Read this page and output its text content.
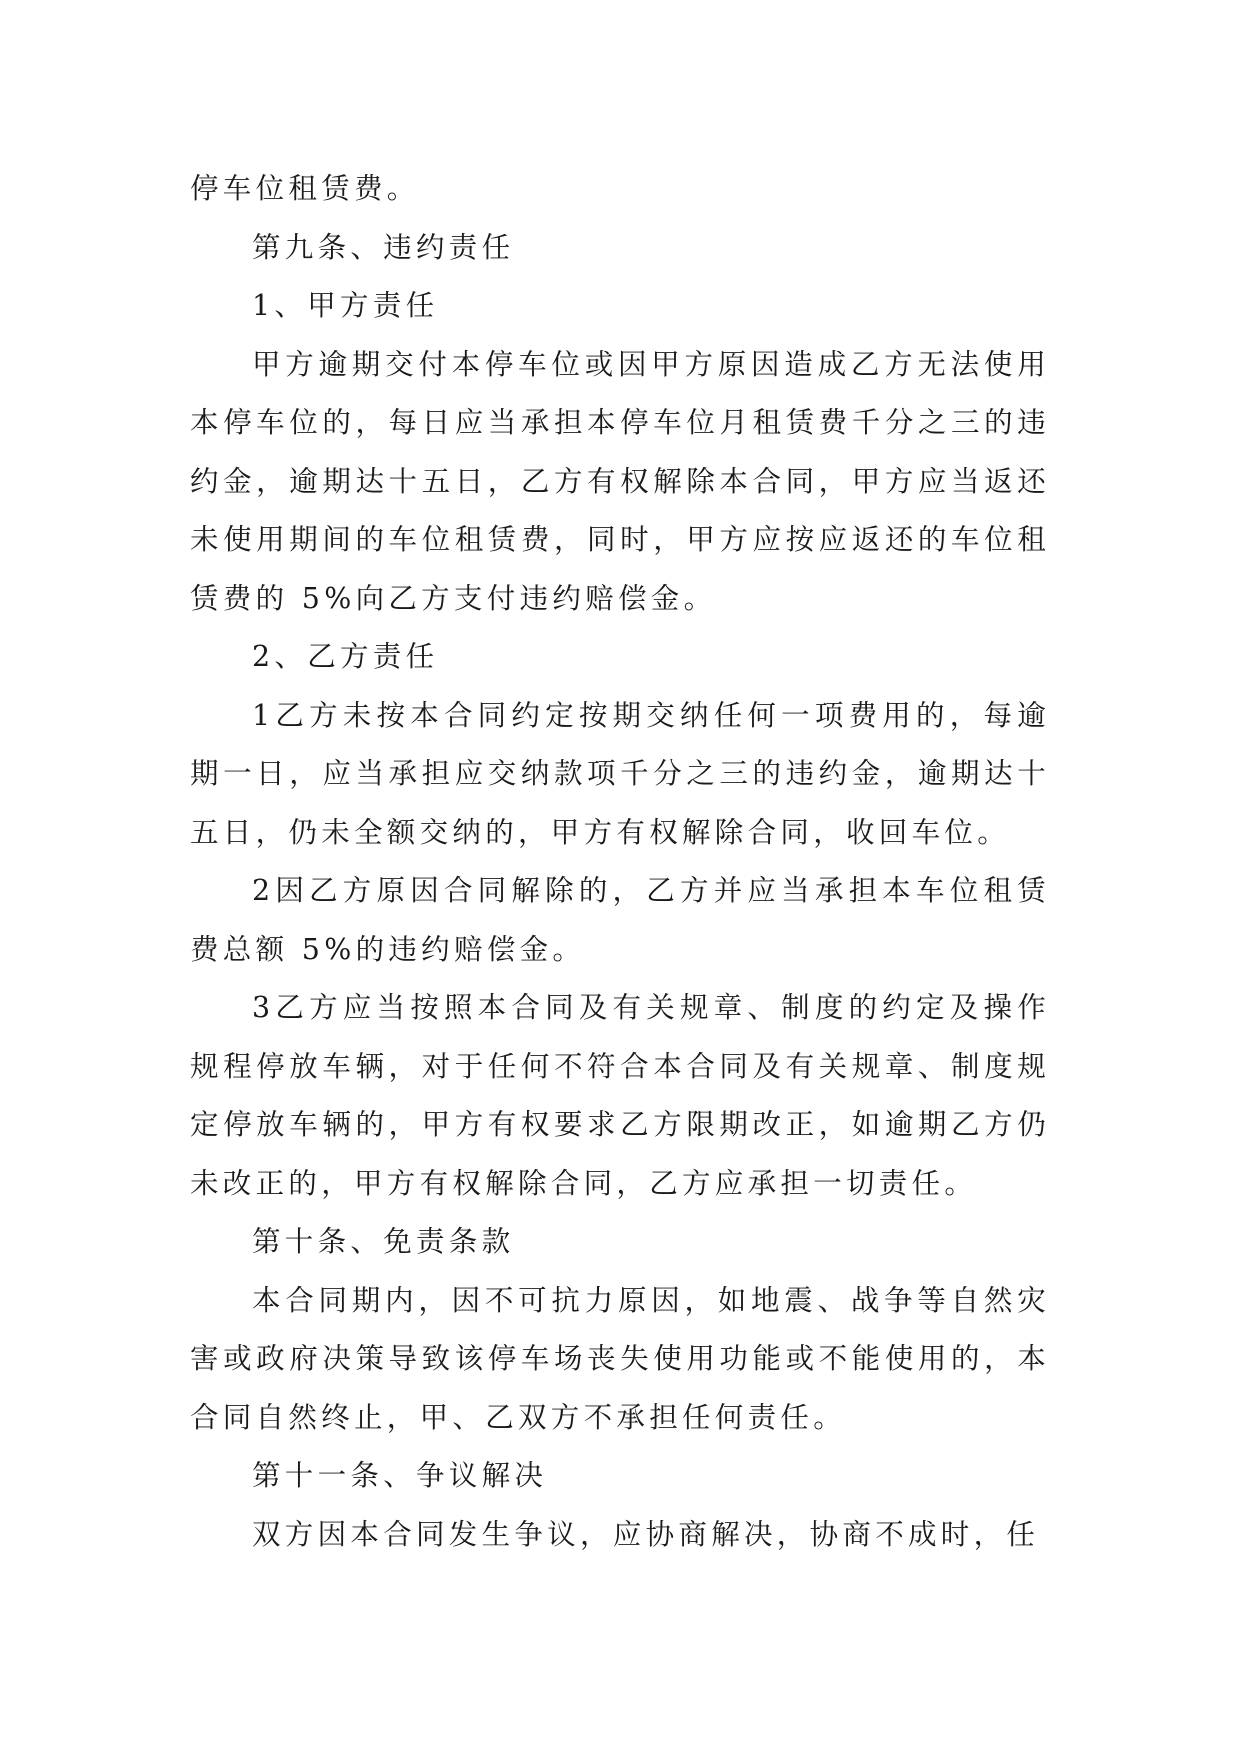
停车位租赁费。

第九条、违约责任

1、甲方责任

甲方逾期交付本停车位或因甲方原因造成乙方无法使用本停车位的，每日应当承担本停车位月租赁费千分之三的违约金，逾期达十五日，乙方有权解除本合同，甲方应当返还未使用期间的车位租赁费，同时，甲方应按应返还的车位租赁费的 5%向乙方支付违约赔偿金。

2、乙方责任

1乙方未按本合同约定按期交纳任何一项费用的，每逾期一日，应当承担应交纳款项千分之三的违约金，逾期达十五日，仍未全额交纳的，甲方有权解除合同，收回车位。

2因乙方原因合同解除的，乙方并应当承担本车位租赁费总额 5%的违约赔偿金。

3乙方应当按照本合同及有关规章、制度的约定及操作规程停放车辆，对于任何不符合本合同及有关规章、制度规定停放车辆的，甲方有权要求乙方限期改正，如逾期乙方仍未改正的，甲方有权解除合同，乙方应承担一切责任。

第十条、免责条款

本合同期内，因不可抗力原因，如地震、战争等自然灾害或政府决策导致该停车场丧失使用功能或不能使用的，本合同自然终止，甲、乙双方不承担任何责任。

第十一条、争议解决

双方因本合同发生争议，应协商解决，协商不成时，任
